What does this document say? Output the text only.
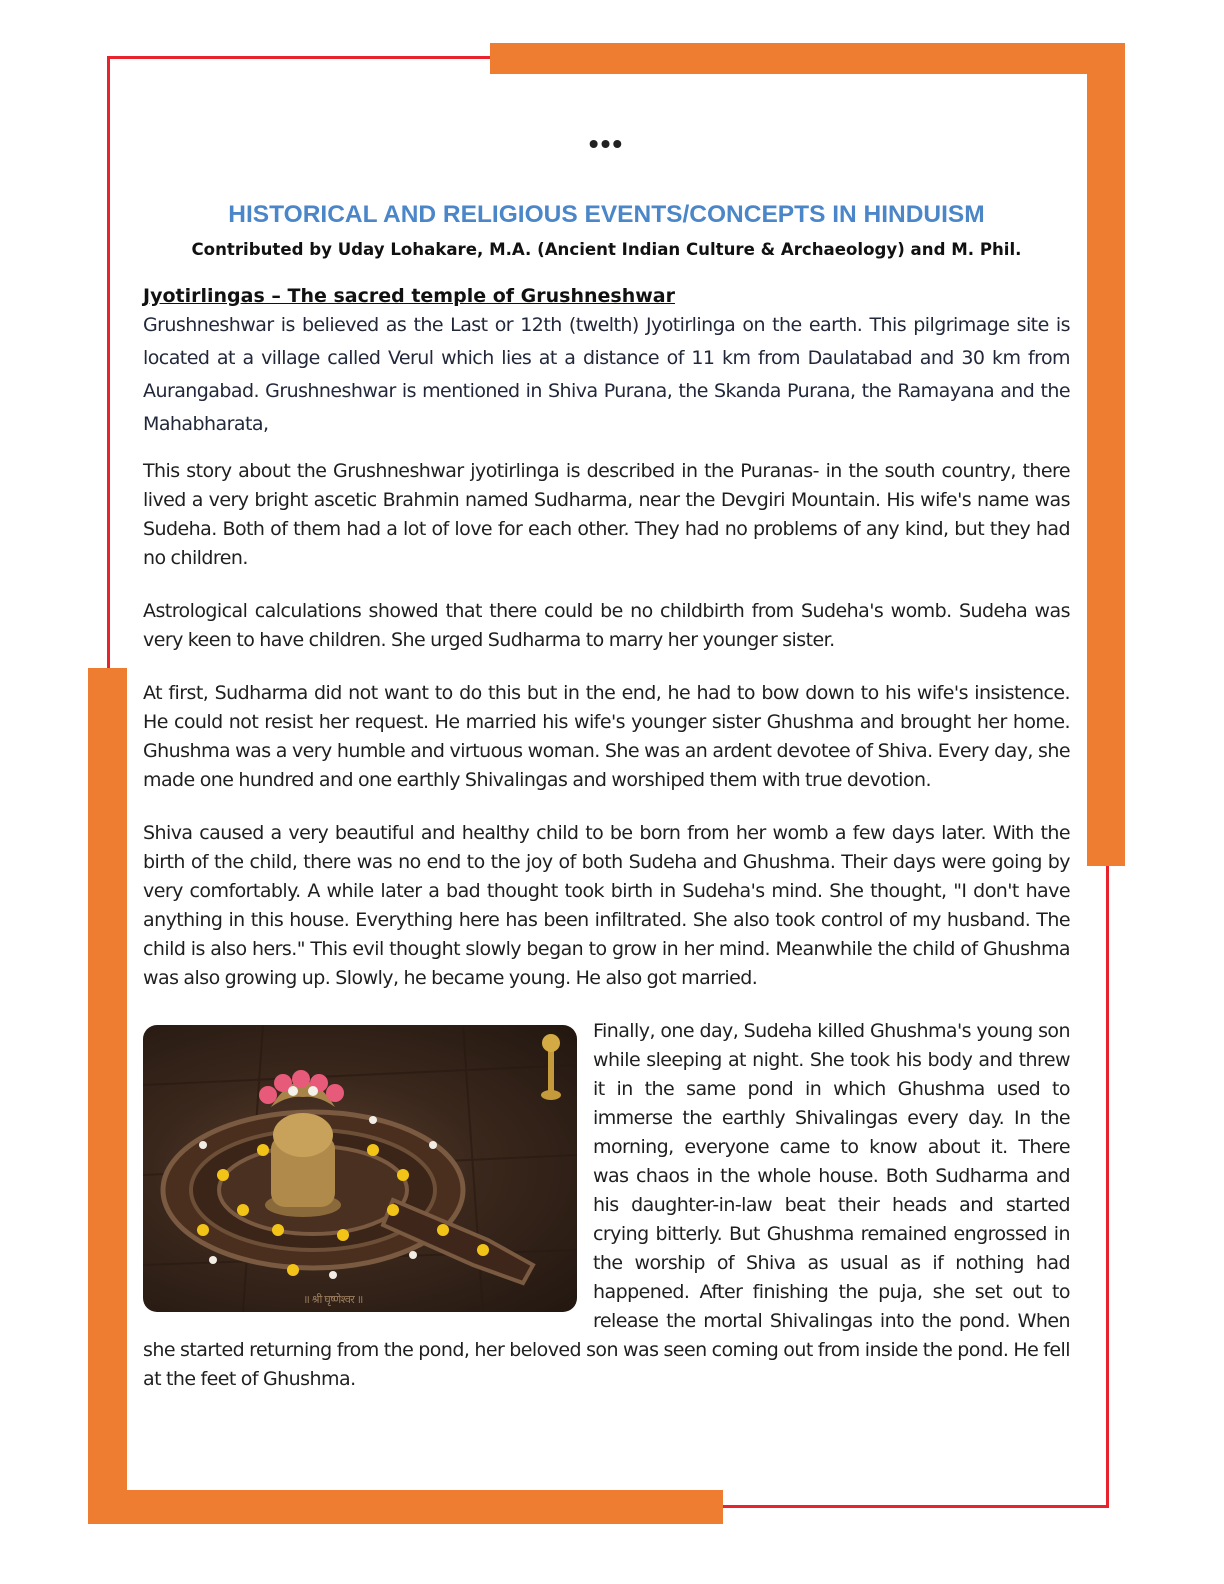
•••
HISTORICAL AND RELIGIOUS EVENTS/CONCEPTS IN HINDUISM
Contributed by Uday Lohakare, M.A. (Ancient Indian Culture & Archaeology) and M. Phil.
Jyotirlingas – The sacred temple of Grushneshwar

Grushneshwar is believed as the Last or 12th (twelth) Jyotirlinga on the earth. This pilgrimage site is located at a village called Verul which lies at a distance of 11 km from Daulatabad and 30 km from Aurangabad. Grushneshwar is mentioned in Shiva Purana, the Skanda Purana, the Ramayana and the Mahabharata,

This story about the Grushneshwar jyotirlinga is described in the Puranas- in the south country, there lived a very bright ascetic Brahmin named Sudharma, near the Devgiri Mountain. His wife's name was Sudeha. Both of them had a lot of love for each other. They had no problems of any kind, but they had no children.

Astrological calculations showed that there could be no childbirth from Sudeha's womb. Sudeha was very keen to have children. She urged Sudharma to marry her younger sister.

At first, Sudharma did not want to do this but in the end, he had to bow down to his wife's insistence. He could not resist her request. He married his wife's younger sister Ghushma and brought her home. Ghushma was a very humble and virtuous woman. She was an ardent devotee of Shiva. Every day, she made one hundred and one earthly Shivalingas and worshiped them with true devotion.

Shiva caused a very beautiful and healthy child to be born from her womb a few days later. With the birth of the child, there was no end to the joy of both Sudeha and Ghushma. Their days were going by very comfortably. A while later a bad thought took birth in Sudeha's mind. She thought, "I don't have anything in this house. Everything here has been infiltrated. She also took control of my husband. The child is also hers." This evil thought slowly began to grow in her mind. Meanwhile the child of Ghushma was also growing up. Slowly, he became young. He also got married.

॥ श्री घृष्णेश्वर ॥
Finally, one day, Sudeha killed Ghushma's young son while sleeping at night. She took his body and threw it in the same pond in which Ghushma used to immerse the earthly Shivalingas every day. In the morning, everyone came to know about it. There was chaos in the whole house. Both Sudharma and his daughter-in-law beat their heads and started crying bitterly. But Ghushma remained engrossed in the worship of Shiva as usual as if nothing had happened. After finishing the puja, she set out to release the mortal Shivalingas into the pond. When she started returning from the pond, her beloved son was seen coming out from inside the pond. He fell at the feet of Ghushma.
